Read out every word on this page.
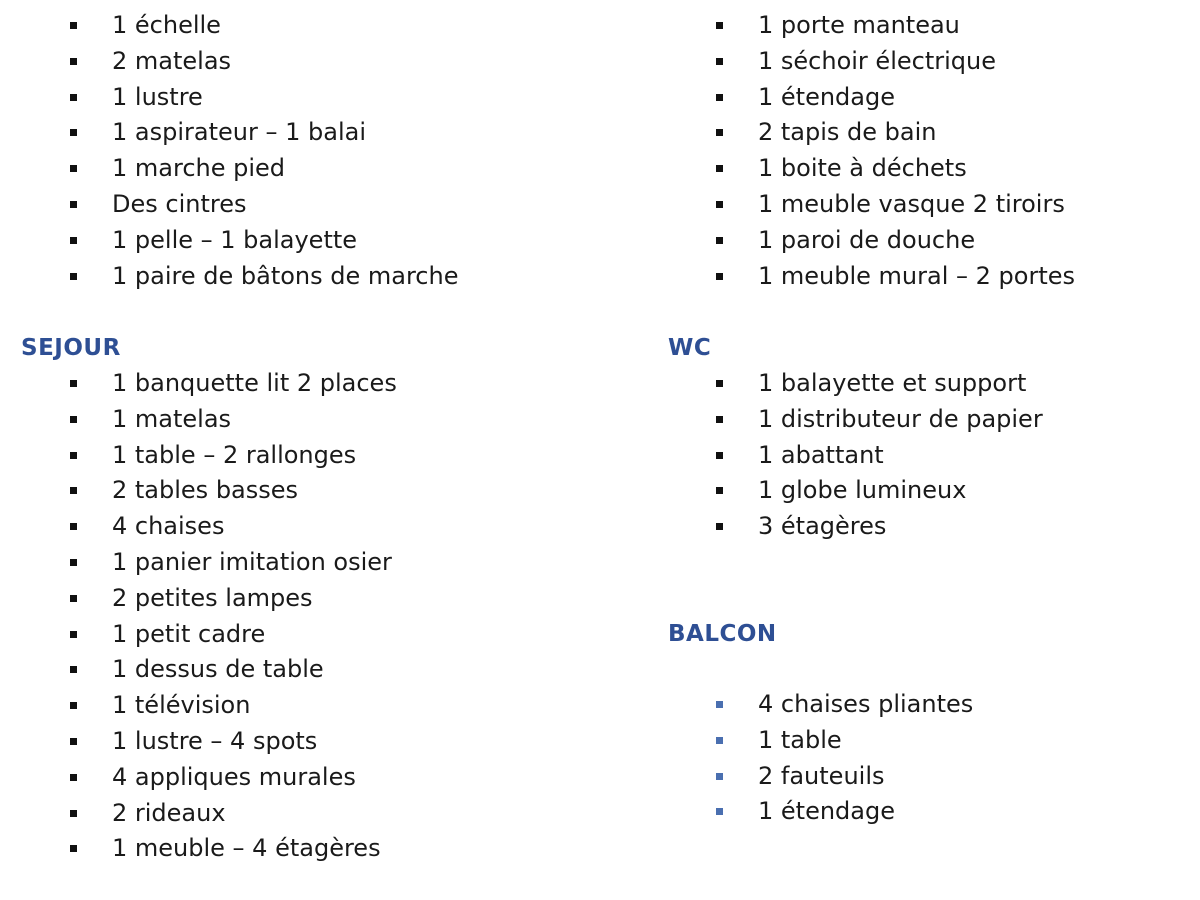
1 échelle
2 matelas
1 lustre
1 aspirateur – 1 balai
1 marche pied
Des cintres
1 pelle – 1 balayette
1 paire de bâtons de marche
SEJOUR
1 banquette lit 2 places
1 matelas
1 table – 2 rallonges
2 tables basses
4 chaises
1 panier imitation osier
2 petites lampes
1 petit cadre
1 dessus de table
1 télévision
1 lustre – 4 spots
4 appliques murales
2 rideaux
1 meuble – 4 étagères
1 porte manteau
1 séchoir électrique
1 étendage
2 tapis de bain
1 boite à déchets
1 meuble vasque 2 tiroirs
1 paroi de douche
1 meuble mural – 2 portes
WC
1 balayette et support
1 distributeur de papier
1 abattant
1 globe lumineux
3 étagères
BALCON
4 chaises pliantes
1 table
2 fauteuils
1 étendage
